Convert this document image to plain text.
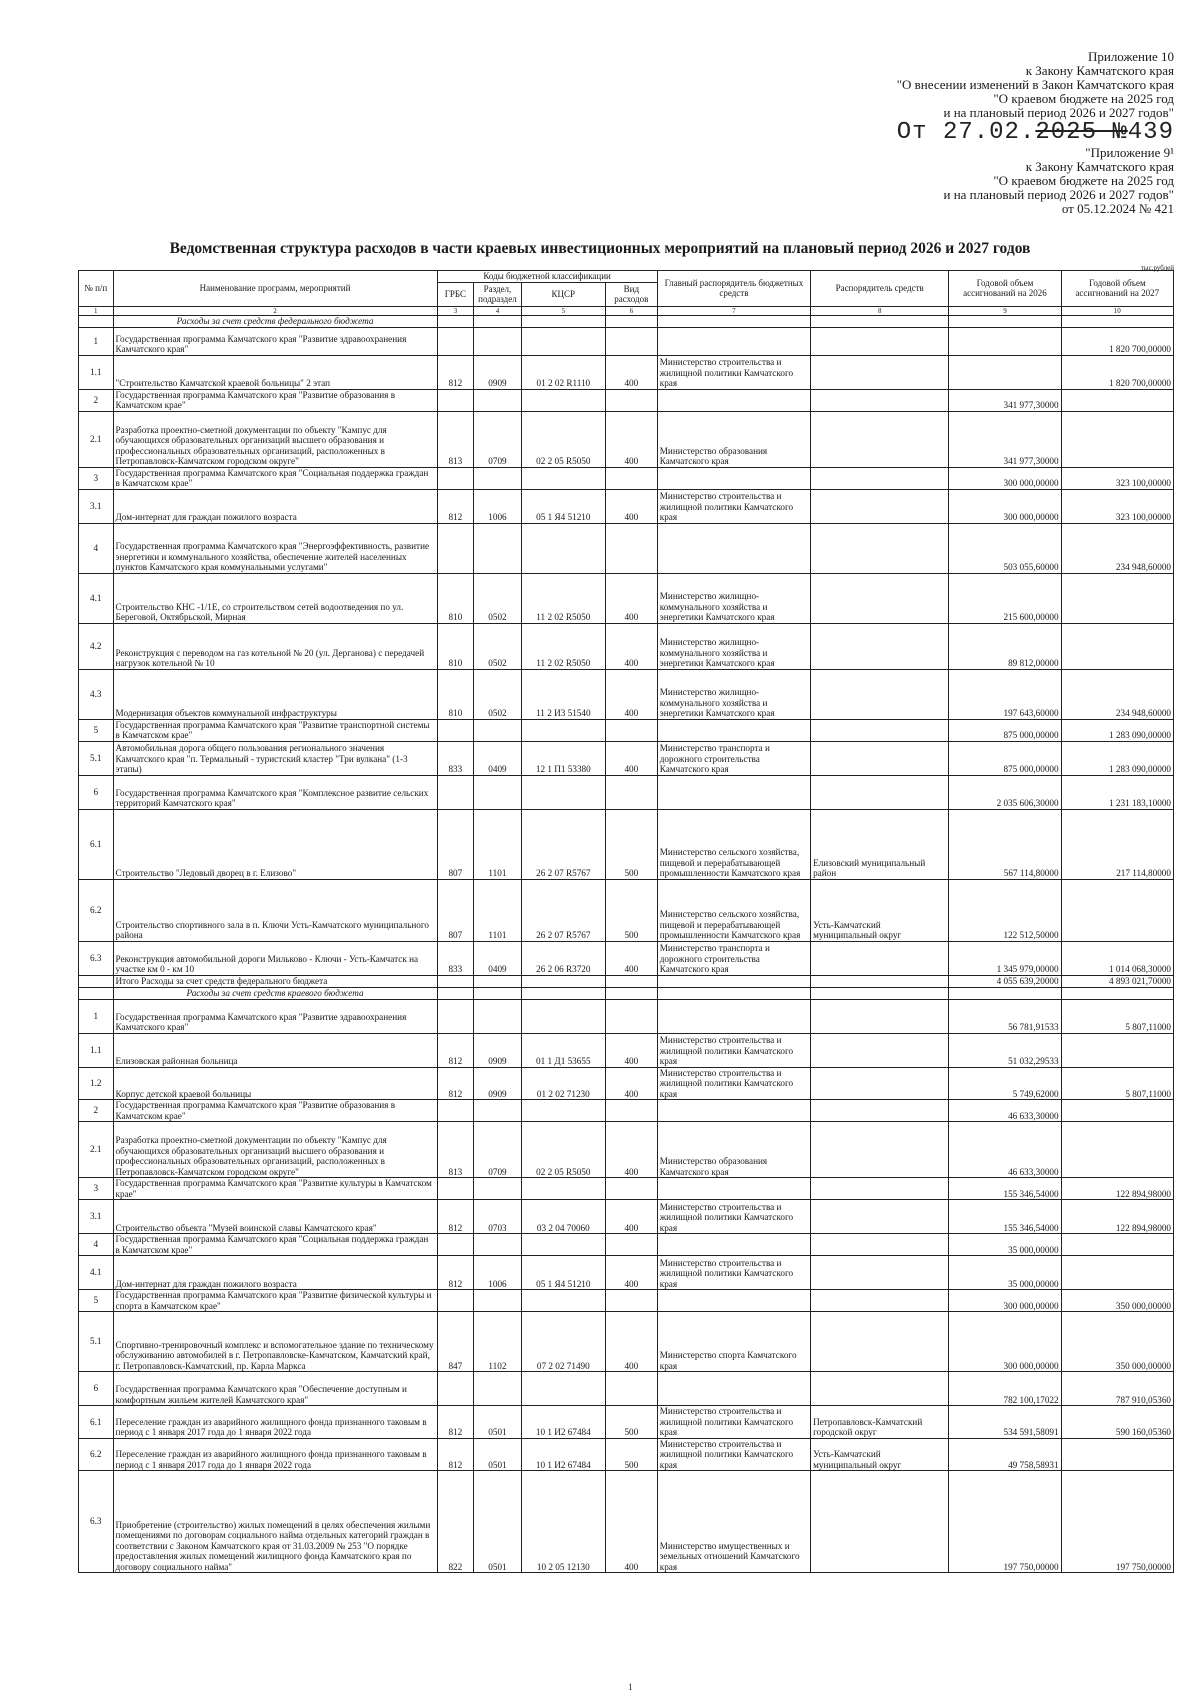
Приложение 10
к Закону Камчатского края
"О внесении изменений в Закон Камчатского края
"О краевом бюджете на 2025 год
и на плановый период 2026 и 2027 годов"
От 27.02.2025 №439
"Приложение 9¹
к Закону Камчатского края
"О краевом бюджете на 2025 год
и на плановый период 2026 и 2027 годов"
от 05.12.2024 № 421
Ведомственная структура расходов в части краевых инвестиционных мероприятий на плановый период 2026 и 2027 годов
тыс.рублей
№ п/п	Наименование программ, мероприятий	Коды бюджетной классификации				Главный распорядитель бюджетных средств	Распорядитель средств	Годовой объем ассигнований на 2026	Годовой объем ассигнований на 2027
		ГРБС	Раздел, подраздел	КЦСР	Вид расходов				
1	2	3	4	5	6	7	8	9	10
	Расходы за счет средств федерального бюджета								
1	Государственная программа Камчатского края "Развитие здравоохранения Камчатского края"								1 820 700,00000
1.1	"Строительство Камчатской краевой больницы" 2 этап	812	0909	01 2 02 R1110	400	Министерство строительства и жилищной политики Камчатского края			1 820 700,00000
2	Государственная программа Камчатского края "Развитие образования в Камчатском крае"							341 977,30000	
2.1	Разработка проектно-сметной документации по объекту "Кампус для обучающихся образовательных организаций высшего образования и профессиональных образовательных организаций, расположенных в Петропавловск-Камчатском городском округе"	813	0709	02 2 05 R5050	400	Министерство образования Камчатского края		341 977,30000	
3	Государственная программа Камчатского края "Социальная поддержка граждан в Камчатском крае"							300 000,00000	323 100,00000
3.1	Дом-интернат для граждан пожилого возраста	812	1006	05 1 Я4 51210	400	Министерство строительства и жилищной политики Камчатского края		300 000,00000	323 100,00000
4	Государственная программа Камчатского края "Энергоэффективность, развитие энергетики и коммунального хозяйства, обеспечение жителей населенных пунктов Камчатского края коммунальными услугами"							503 055,60000	234 948,60000
4.1	Строительство КНС -1/1Е, со строительством сетей водоотведения по ул. Береговой, Октябрьской, Мирная	810	0502	11 2 02 R5050	400	Министерство жилищно-коммунального хозяйства и энергетики Камчатского края		215 600,00000	
4.2	Реконструкция с переводом на газ котельной № 20 (ул. Дерганова) с передачей нагрузок котельной № 10	810	0502	11 2 02 R5050	400	Министерство жилищно-коммунального хозяйства и энергетики Камчатского края		89 812,00000	
4.3	Модернизация объектов коммунальной инфраструктуры	810	0502	11 2 И3 51540	400	Министерство жилищно-коммунального хозяйства и энергетики Камчатского края		197 643,60000	234 948,60000
5	Государственная программа Камчатского края "Развитие транспортной системы в Камчатском крае"							875 000,00000	1 283 090,00000
5.1	Автомобильная дорога общего пользования регионального значения Камчатского края "п. Термальный - туристский кластер "Три вулкана" (1-3 этапы)	833	0409	12 1 П1 53380	400	Министерство транспорта и дорожного строительства Камчатского края		875 000,00000	1 283 090,00000
6	Государственная программа Камчатского края "Комплексное развитие сельских территорий Камчатского края"							2 035 606,30000	1 231 183,10000
6.1	Строительство "Ледовый дворец в г. Елизово"	807	1101	26 2 07 R5767	500	Министерство сельского хозяйства, пищевой и перерабатывающей промышленности Камчатского края	Елизовский муниципальный район	567 114,80000	217 114,80000
6.2	Строительство спортивного зала в п. Ключи Усть-Камчатского муниципального района	807	1101	26 2 07 R5767	500	Министерство сельского хозяйства, пищевой и перерабатывающей промышленности Камчатского края	Усть-Камчатский муниципальный округ	122 512,50000	
6.3	Реконструкция автомобильной дороги Мильково - Ключи - Усть-Камчатск на участке км 0 - км 10	833	0409	26 2 06 R3720	400	Министерство транспорта и дорожного строительства Камчатского края		1 345 979,00000	1 014 068,30000
	Итого Расходы за счет средств федерального бюджета							4 055 639,20000	4 893 021,70000
	Расходы за счет средств краевого бюджета								
1	Государственная программа Камчатского края "Развитие здравоохранения Камчатского края"							56 781,91533	5 807,11000
1.1	Елизовская районная больница	812	0909	01 1 Д1 53655	400	Министерство строительства и жилищной политики Камчатского края		51 032,29533	
1.2	Корпус детской краевой больницы	812	0909	01 2 02 71230	400	Министерство строительства и жилищной политики Камчатского края		5 749,62000	5 807,11000
2	Государственная программа Камчатского края "Развитие образования в Камчатском крае"							46 633,30000	
2.1	Разработка проектно-сметной документации по объекту "Кампус для обучающихся образовательных организаций высшего образования и профессиональных образовательных организаций, расположенных в Петропавловск-Камчатском городском округе"	813	0709	02 2 05 R5050	400	Министерство образования Камчатского края		46 633,30000	
3	Государственная программа Камчатского края "Развитие культуры в Камчатском крае"							155 346,54000	122 894,98000
3.1	Строительство объекта "Музей воинской славы Камчатского края"	812	0703	03 2 04 70060	400	Министерство строительства и жилищной политики Камчатского края		155 346,54000	122 894,98000
4	Государственная программа Камчатского края "Социальная поддержка граждан в Камчатском крае"							35 000,00000	
4.1	Дом-интернат для граждан пожилого возраста	812	1006	05 1 Я4 51210	400	Министерство строительства и жилищной политики Камчатского края		35 000,00000	
5	Государственная программа Камчатского края "Развитие физической культуры и спорта в Камчатском крае"							300 000,00000	350 000,00000
5.1	Спортивно-тренировочный комплекс и вспомогательное здание по техническому обслуживанию автомобилей в г. Петропавловске-Камчатском, Камчатский край, г. Петропавловск-Камчатский, пр. Карла Маркса	847	1102	07 2 02 71490	400	Министерство спорта Камчатского края		300 000,00000	350 000,00000
6	Государственная программа Камчатского края "Обеспечение доступным и комфортным жильем жителей Камчатского края"							782 100,17022	787 910,05360
6.1	Переселение граждан из аварийного жилищного фонда признанного таковым в период с 1 января 2017 года до 1 января 2022 года	812	0501	10 1 И2 67484	500	Министерство строительства и жилищной политики Камчатского края	Петропавловск-Камчатский городской округ	534 591,58091	590 160,05360
6.2	Переселение граждан из аварийного жилищного фонда признанного таковым в период с 1 января 2017 года до 1 января 2022 года	812	0501	10 1 И2 67484	500	Министерство строительства и жилищной политики Камчатского края	Усть-Камчатский муниципальный округ	49 758,58931	
6.3	Приобретение (строительство) жилых помещений в целях обеспечения жилыми помещениями по договорам социального найма отдельных категорий граждан в соответствии с Законом Камчатского края от 31.03.2009 № 253 "О порядке предоставления жилых помещений жилищного фонда Камчатского края по договору социального найма"	822	0501	10 2 05 12130	400	Министерство имущественных и земельных отношений Камчатского края		197 750,00000	197 750,00000
1
